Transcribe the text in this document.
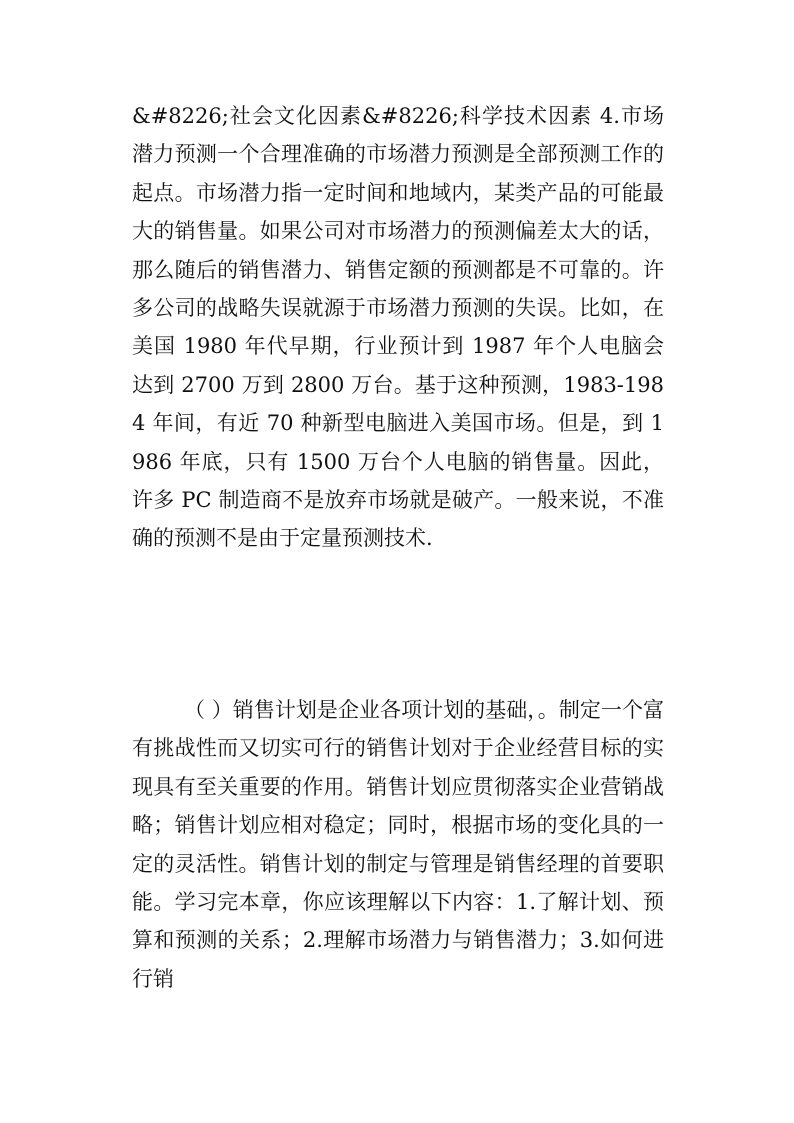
&#8226;社会文化因素&#8226;科学技术因素 4.市场潜力预测一个合理准确的市场潜力预测是全部预测工作的起点。市场潜力指一定时间和地域内，某类产品的可能最大的销售量。如果公司对市场潜力的预测偏差太大的话，那么随后的销售潜力、销售定额的预测都是不可靠的。许多公司的战略失误就源于市场潜力预测的失误。比如，在美国 1980 年代早期，行业预计到 1987 年个人电脑会达到 2700 万到 2800 万台。基于这种预测，1983-1984 年间，有近 70 种新型电脑进入美国市场。但是，到 1986 年底，只有 1500 万台个人电脑的销售量。因此，许多 PC 制造商不是放弃市场就是破产。一般来说，不准确的预测不是由于定量预测技术.

（ ）销售计划是企业各项计划的基础，。制定一个富有挑战性而又切实可行的销售计划对于企业经营目标的实现具有至关重要的作用。销售计划应贯彻落实企业营销战略；销售计划应相对稳定；同时，根据市场的变化具的一定的灵活性。销售计划的制定与管理是销售经理的首要职能。学习完本章，你应该理解以下内容：1.了解计划、预算和预测的关系；2.理解市场潜力与销售潜力；3.如何进行销
